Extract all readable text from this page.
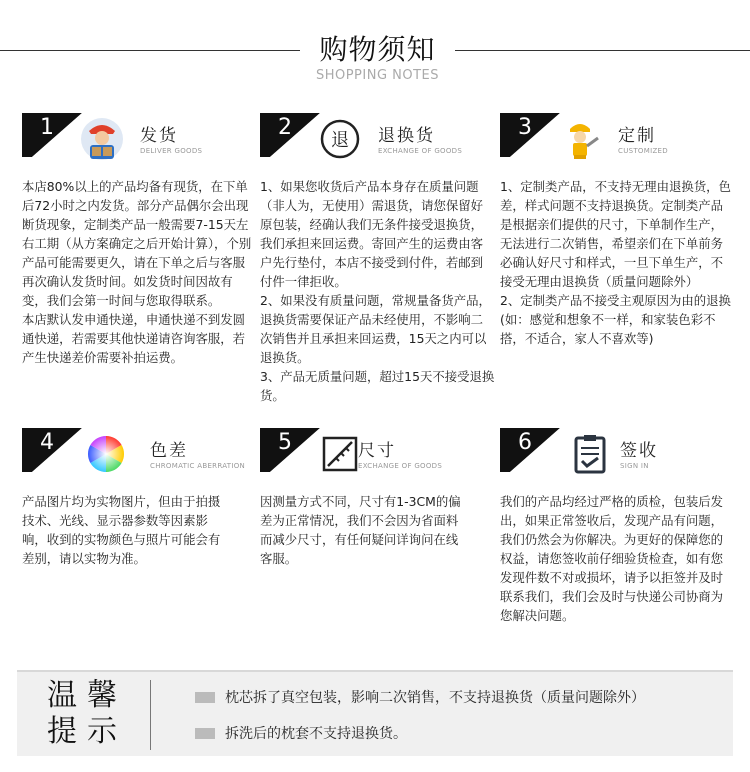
购物须知
SHOPPING NOTES
1	发货
DELIVER GOODS

本店80%以上的产品均备有现货，在下单后72小时之内发货。部分产品偶尔会出现断货现象，定制类产品一般需要7-15天左右工期（从方案确定之后开始计算），个别产品可能需要更久，请在下单之后与客服再次确认发货时间。如发货时间因故有变，我们会第一时间与您取得联系。

本店默认发申通快递，申通快递不到发圆通快递，若需要其他快递请咨询客服，若产生快递差价需要补拍运费。

2
退 退换货
EXCHANGE OF GOODS

1、如果您收货后产品本身存在质量问题（非人为，无使用）需退货，请您保留好原包装，经确认我们无条件接受退换货，我们承担来回运费。寄回产生的运费由客户先行垫付，本店不接受到付件，若邮到付件一律拒收。

2、如果没有质量问题，常规量备货产品，退换货需要保证产品未经使用，不影响二次销售并且承担来回运费，15天之内可以退换货。

3、产品无质量问题，超过15天不接受退换货。

3	定制
CUSTOMIZED

1、定制类产品，不支持无理由退换货，色差，样式问题不支持退换货。定制类产品是根据亲们提供的尺寸，下单制作生产，无法进行二次销售，希望亲们在下单前务必确认好尺寸和样式，一旦下单生产，不接受无理由退换货（质量问题除外）

2、定制类产品不接受主观原因为由的退换(如：感觉和想象不一样，和家装色彩不搭，不适合，家人不喜欢等)

4	色差
CHROMATIC ABERRATION

产品图片均为实物图片，但由于拍摄技术、光线、显示器参数等因素影响，收到的实物颜色与照片可能会有差别，请以实物为准。

5	尺寸
EXCHANGE OF GOODS

因测量方式不同，尺寸有1-3CM的偏差为正常情况，我们不会因为省面料而减少尺寸，有任何疑问详询问在线客服。

6	签收
SIGN IN

我们的产品均经过严格的质检，包装后发出，如果正常签收后，发现产品有问题，我们仍然会为你解决。为更好的保障您的权益，请您签收前仔细验货检查，如有您发现件数不对或损坏，请予以拒签并及时联系我们，我们会及时与快递公司协商为您解决问题。

温馨
提示
枕芯拆了真空包装，影响二次销售，不支持退换货（质量问题除外）
拆洗后的枕套不支持退换货。
